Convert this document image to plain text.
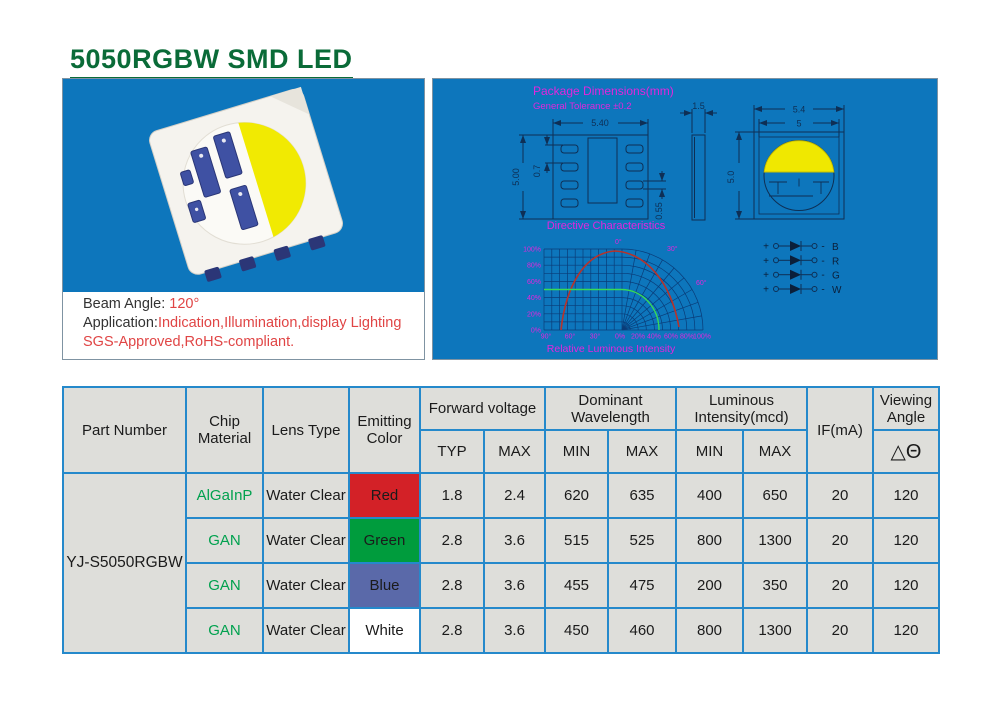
5050RGBW SMD LED
Beam Angle: 120°
Application:Indication,Illumination,display Lighting
SGS-Approved,RoHS-compliant.
Package Dimensions(mm)
General Tolerance ±0.2
5.40
5.00 0.7
0.55
1.5	5.4
5
5.0
+
+
+
+
-
-
-
-
B
R
G
W
Directive Characteristics
0°
100%
80%
60%
40%
20%
0%
90° 60° 30° 0% 20% 40% 60% 80% 100%
30°
60°
Relative Luminous Intensity
Part Number	Chip Material	Lens Type	Emitting Color	Forward voltage		Dominant Wavelength		Luminous Intensity(mcd)		IF(mA)	Viewing Angle
				TYP	MAX	MIN	MAX	MIN	MAX		△Θ
YJ-S5050RGBW	AlGaInP	Water Clear	Red	1.8	2.4	620	635	400	650	20	120
	GAN	Water Clear	Green	2.8	3.6	515	525	800	1300	20	120
	GAN	Water Clear	Blue	2.8	3.6	455	475	200	350	20	120
	GAN	Water Clear	White	2.8	3.6	450	460	800	1300	20	120
